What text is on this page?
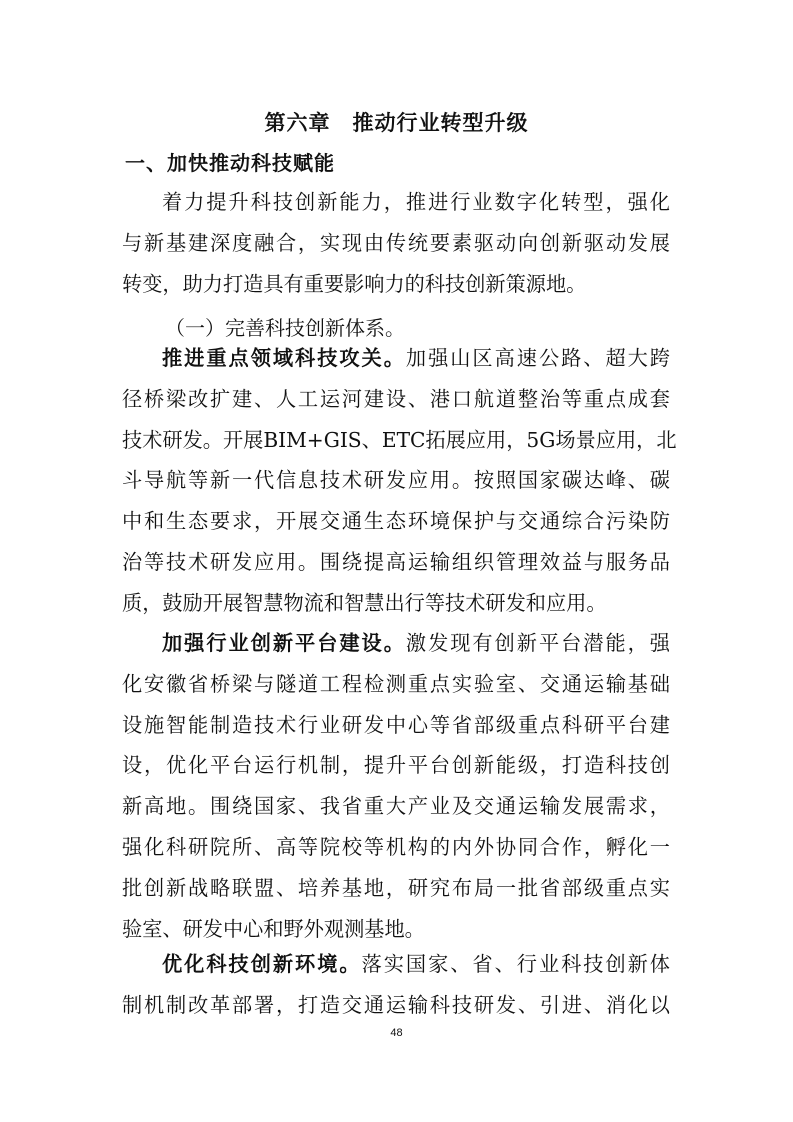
第六章　推动行业转型升级
一、加快推动科技赋能
着力提升科技创新能力，推进行业数字化转型，强化
与新基建深度融合，实现由传统要素驱动向创新驱动发展
转变，助力打造具有重要影响力的科技创新策源地。
（一）完善科技创新体系。
推进重点领域科技攻关。加强山区高速公路、超大跨
径桥梁改扩建、人工运河建设、港口航道整治等重点成套
技术研发。开展BIM+GIS、ETC拓展应用，5G场景应用，北
斗导航等新一代信息技术研发应用。按照国家碳达峰、碳
中和生态要求，开展交通生态环境保护与交通综合污染防
治等技术研发应用。围绕提高运输组织管理效益与服务品
质，鼓励开展智慧物流和智慧出行等技术研发和应用。
加强行业创新平台建设。激发现有创新平台潜能，强
化安徽省桥梁与隧道工程检测重点实验室、交通运输基础
设施智能制造技术行业研发中心等省部级重点科研平台建
设，优化平台运行机制，提升平台创新能级，打造科技创
新高地。围绕国家、我省重大产业及交通运输发展需求，
强化科研院所、高等院校等机构的内外协同合作，孵化一
批创新战略联盟、培养基地，研究布局一批省部级重点实
验室、研发中心和野外观测基地。
优化科技创新环境。落实国家、省、行业科技创新体
制机制改革部署，打造交通运输科技研发、引进、消化以
48
